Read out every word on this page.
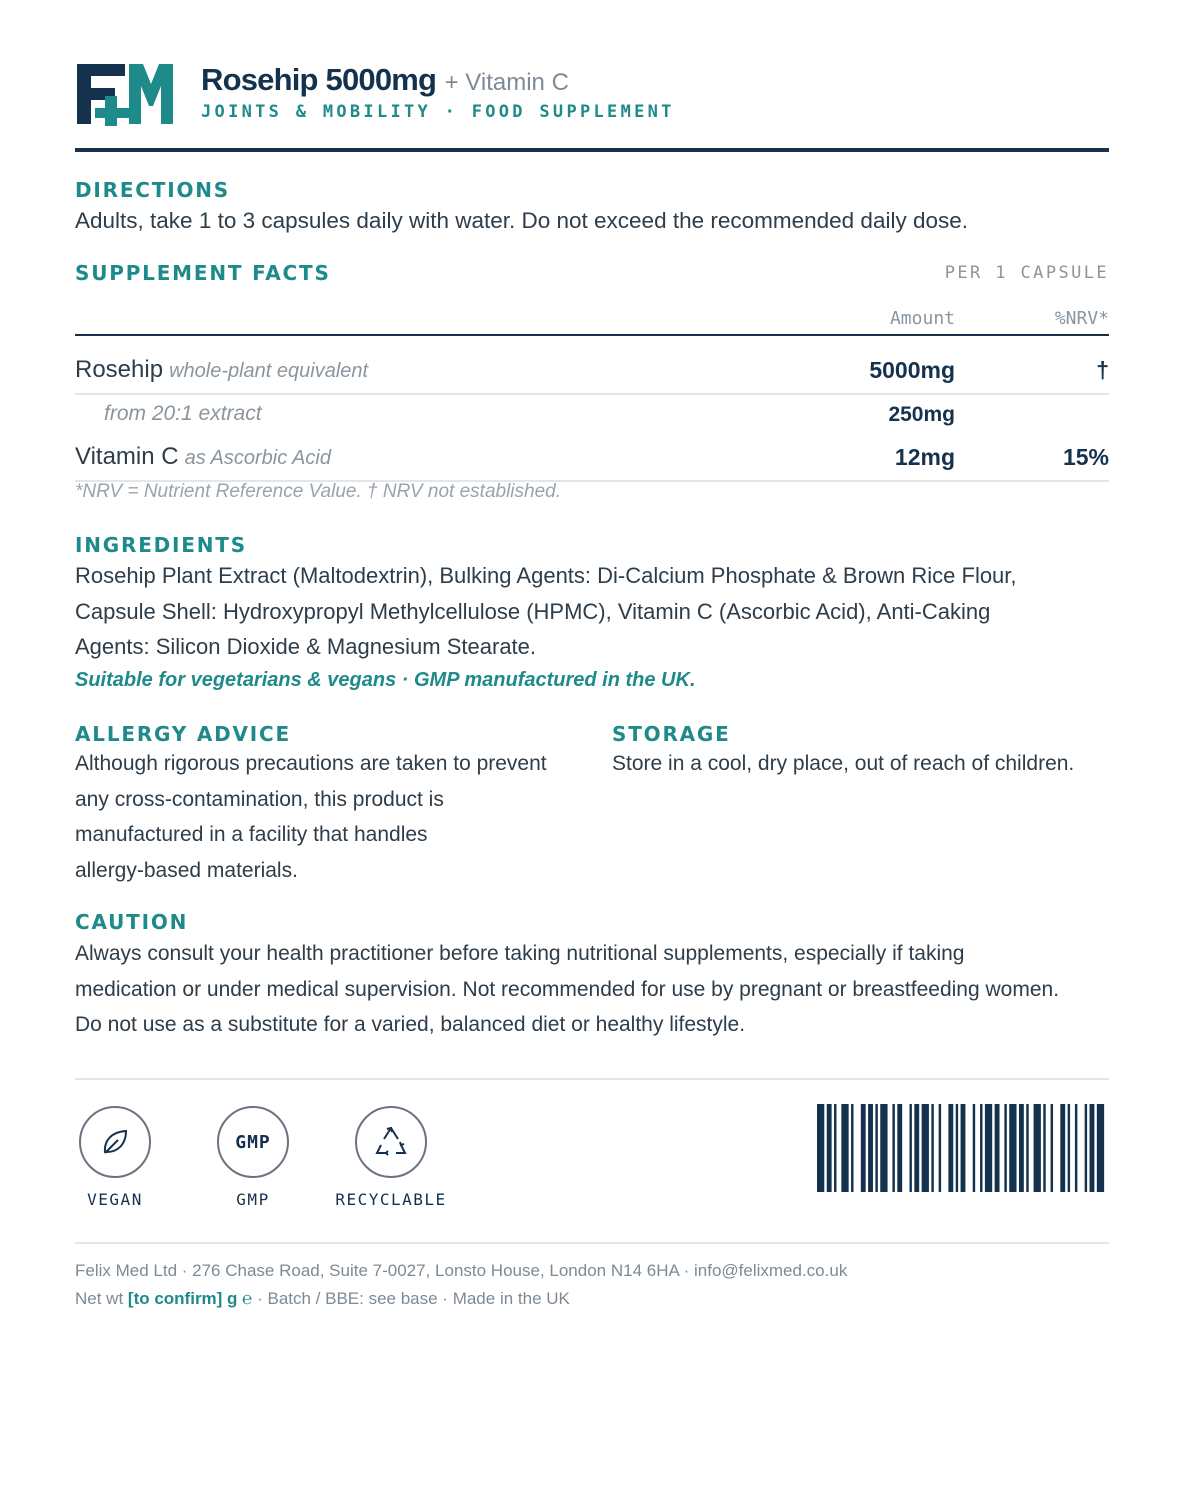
Rosehip 5000mg + Vitamin C
JOINTS & MOBILITY · FOOD SUPPLEMENT
DIRECTIONS
Adults, take 1 to 3 capsules daily with water. Do not exceed the recommended daily dose.
SUPPLEMENT FACTS	PER 1 CAPSULE
Amount	%NRV*
Rosehip whole-plant equivalent	5000mg	†
from 20:1 extract	250mg
Vitamin C as Ascorbic Acid	12mg	15%
*NRV = Nutrient Reference Value. † NRV not established.
INGREDIENTS
Rosehip Plant Extract (Maltodextrin), Bulking Agents: Di-Calcium Phosphate & Brown Rice Flour,
Capsule Shell: Hydroxypropyl Methylcellulose (HPMC), Vitamin C (Ascorbic Acid), Anti-Caking
Agents: Silicon Dioxide & Magnesium Stearate.
Suitable for vegetarians & vegans · GMP manufactured in the UK.
ALLERGY ADVICE
Although rigorous precautions are taken to prevent
any cross-contamination, this product is
manufactured in a facility that handles
allergy-based materials.
STORAGE
Store in a cool, dry place, out of reach of children.
CAUTION
Always consult your health practitioner before taking nutritional supplements, especially if taking
medication or under medical supervision. Not recommended for use by pregnant or breastfeeding women.
Do not use as a substitute for a varied, balanced diet or healthy lifestyle.
VEGAN
GMP
GMP	RECYCLABLE
Felix Med Ltd · 276 Chase Road, Suite 7-0027, Lonsto House, London N14 6HA · info@felixmed.co.uk
Net wt [to confirm] g ℮ · Batch / BBE: see base · Made in the UK
